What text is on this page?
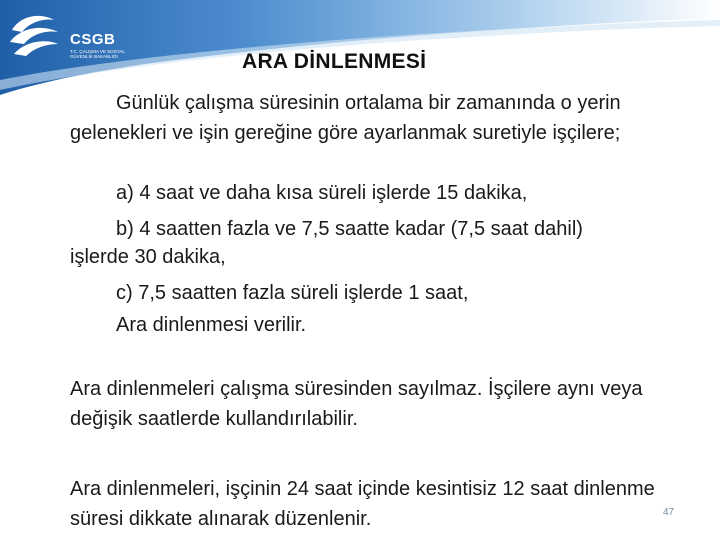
CSGB
T.C. ÇALIŞMA VE SOSYAL GÜVENLİK BAKANLIĞI	ARA DİNLENMESİ
Günlük çalışma süresinin ortalama bir zamanında o yerin gelenekleri ve işin gereğine göre ayarlanmak suretiyle işçilere;
a) 4 saat ve daha kısa süreli işlerde 15 dakika,
b) 4 saatten fazla ve 7,5 saatte kadar (7,5 saat dahil)
işlerde 30 dakika,
c) 7,5 saatten fazla süreli işlerde 1 saat,
Ara dinlenmesi verilir.
Ara dinlenmeleri çalışma süresinden sayılmaz. İşçilere aynı veya değişik saatlerde kullandırılabilir.
Ara dinlenmeleri, işçinin 24 saat içinde kesintisiz 12 saat dinlenme süresi dikkate alınarak düzenlenir.	47
